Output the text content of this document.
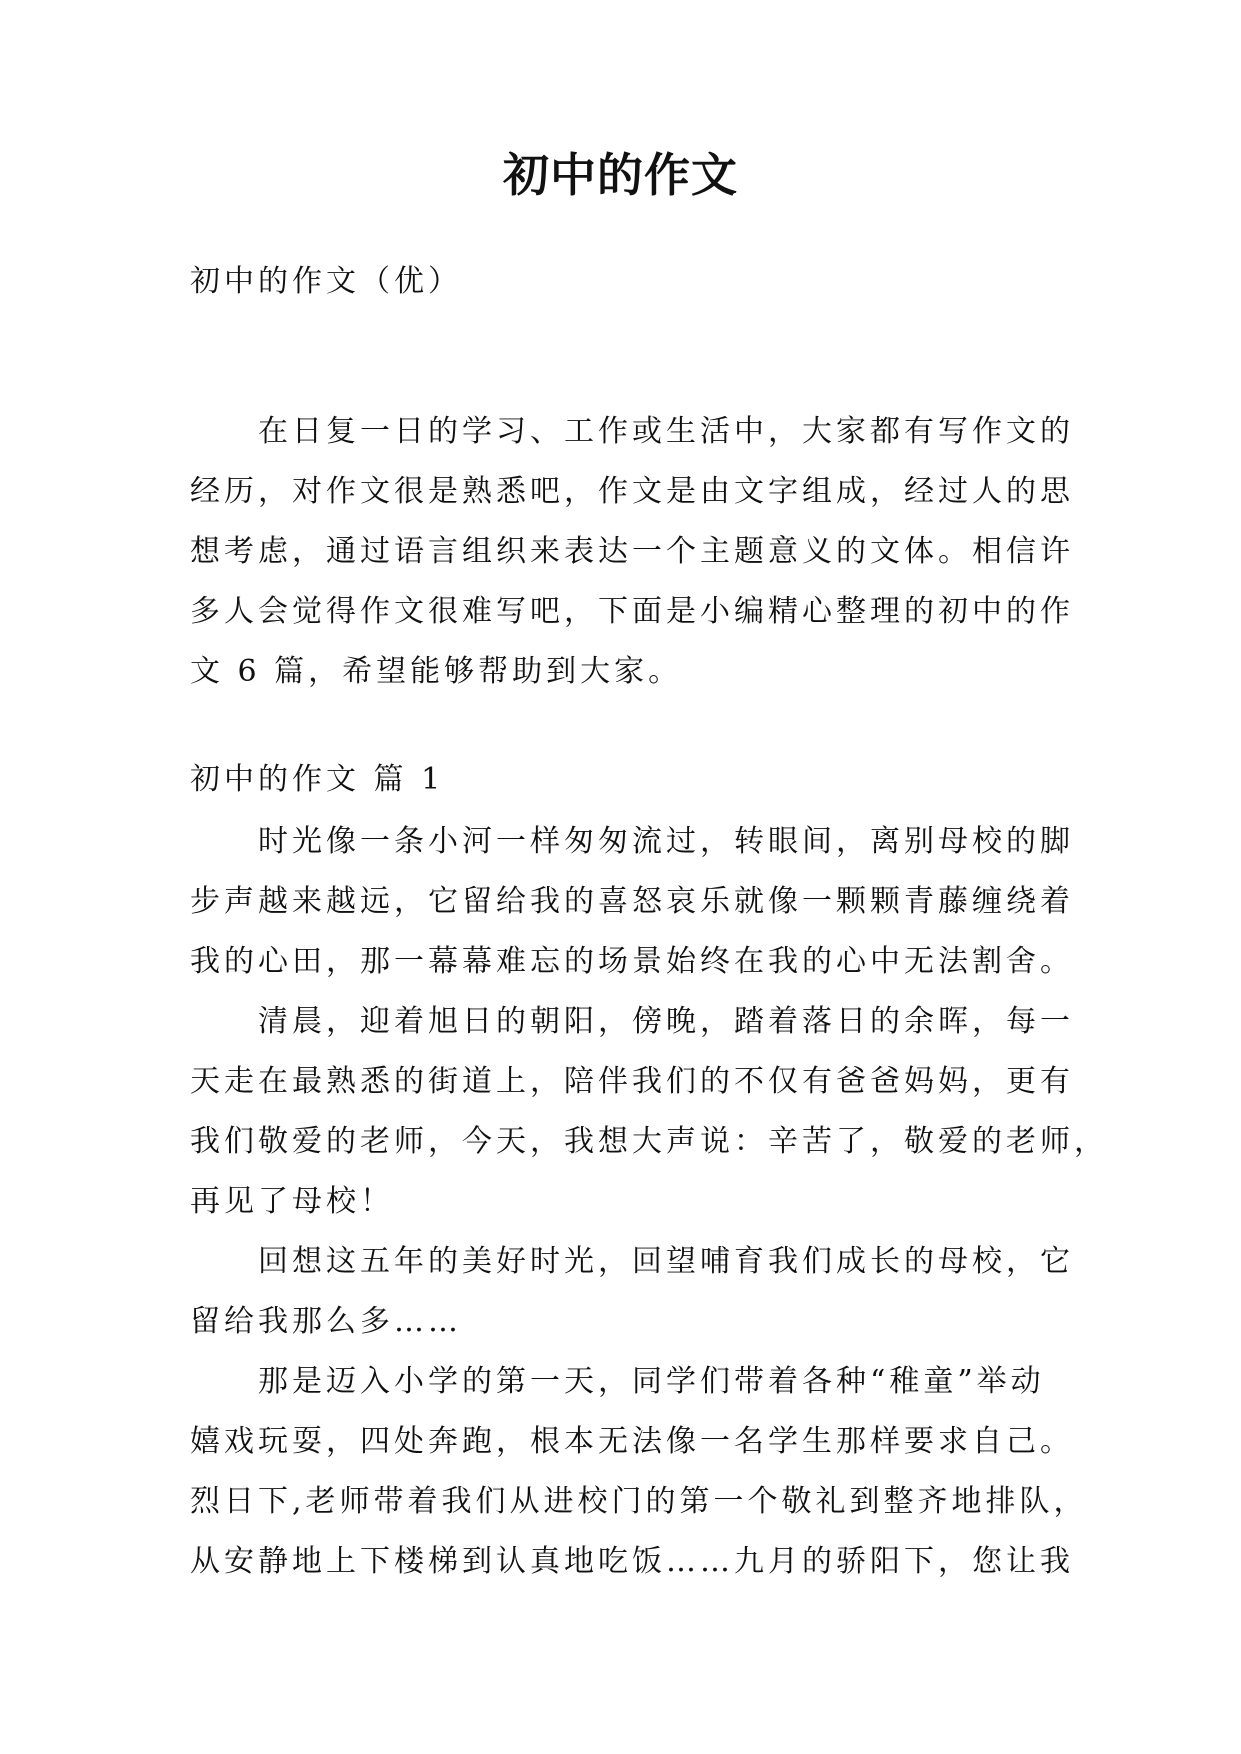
初中的作文

初中的作文（优）

在日复一日的学习、工作或生活中，大家都有写作文的
经历，对作文很是熟悉吧，作文是由文字组成，经过人的思
想考虑，通过语言组织来表达一个主题意义的文体。相信许
多人会觉得作文很难写吧，下面是小编精心整理的初中的作
文 6 篇，希望能够帮助到大家。

初中的作文 篇 1

时光像一条小河一样匆匆流过，转眼间，离别母校的脚
步声越来越远，它留给我的喜怒哀乐就像一颗颗青藤缠绕着
我的心田，那一幕幕难忘的场景始终在我的心中无法割舍。
清晨，迎着旭日的朝阳，傍晚，踏着落日的余晖，每一
天走在最熟悉的街道上，陪伴我们的不仅有爸爸妈妈，更有
我们敬爱的老师，今天，我想大声说：辛苦了，敬爱的老师，
再见了母校！
回想这五年的美好时光，回望哺育我们成长的母校，它
留给我那么多……
那是迈入小学的第一天，同学们带着各种“稚童”举动
嬉戏玩耍，四处奔跑，根本无法像一名学生那样要求自己。
烈日下,老师带着我们从进校门的第一个敬礼到整齐地排队，
从安静地上下楼梯到认真地吃饭……九月的骄阳下，您让我
